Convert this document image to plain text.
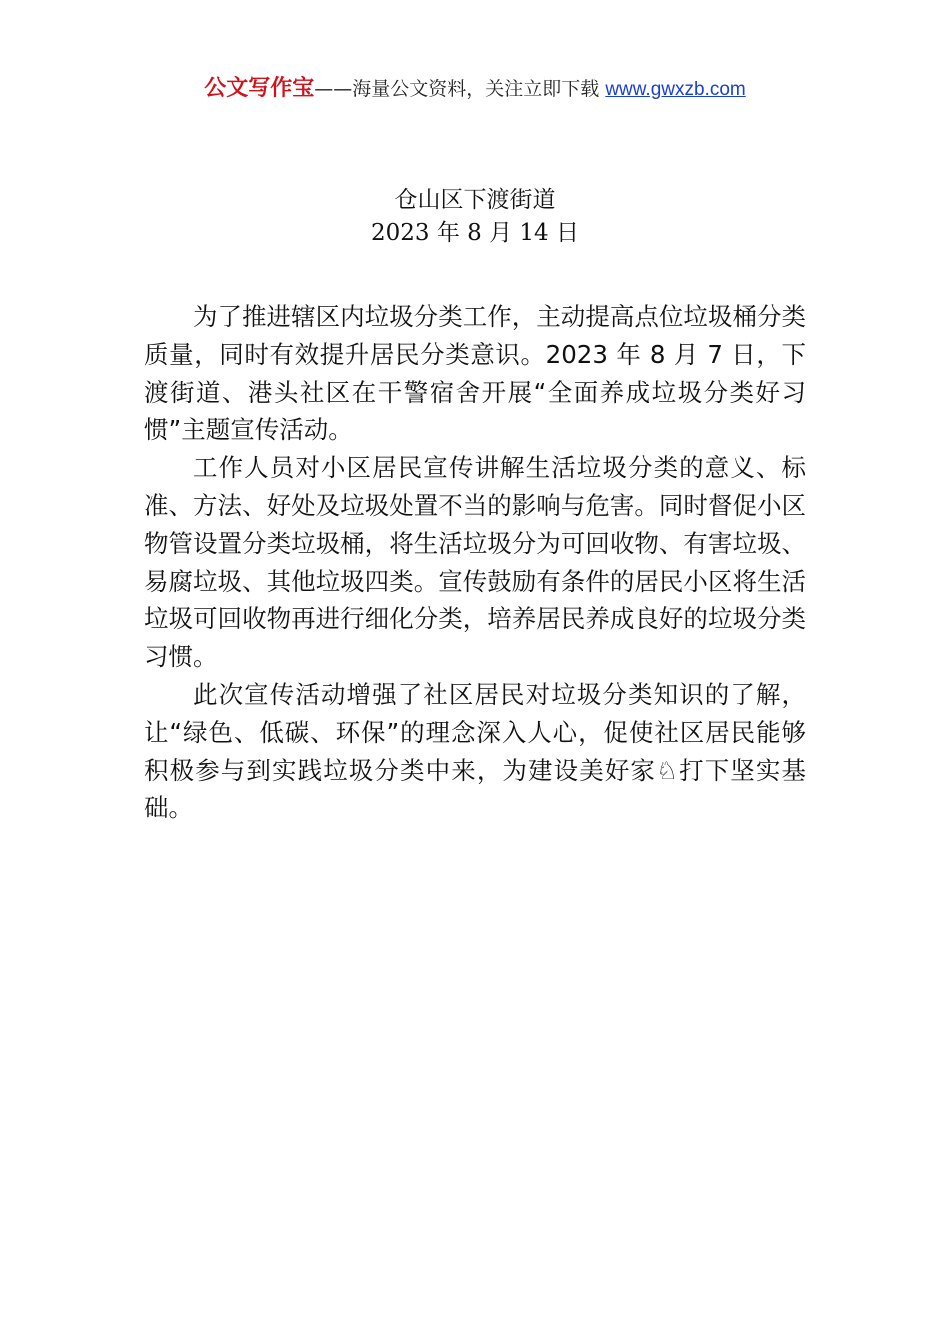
公文写作宝——海量公文资料，关注立即下载 www.gwxzb.com
仓山区下渡街道
2023 年 8 月 14 日

为了推进辖区内垃圾分类工作，主动提高点位垃圾桶分类质量，同时有效提升居民分类意识。2023 年 8 月 7 日，下渡街道、港头社区在干警宿舍开展“全面养成垃圾分类好习惯”主题宣传活动。

工作人员对小区居民宣传讲解生活垃圾分类的意义、标准、方法、好处及垃圾处置不当的影响与危害。同时督促小区物管设置分类垃圾桶，将生活垃圾分为可回收物、有害垃圾、易腐垃圾、其他垃圾四类。宣传鼓励有条件的居民小区将生活垃圾可回收物再进行细化分类，培养居民养成良好的垃圾分类习惯。

此次宣传活动增强了社区居民对垃圾分类知识的了解，让“绿色、低碳、环保”的理念深入人心，促使社区居民能够积极参与到实践垃圾分类中来，为建设美好家♘打下坚实基础。
